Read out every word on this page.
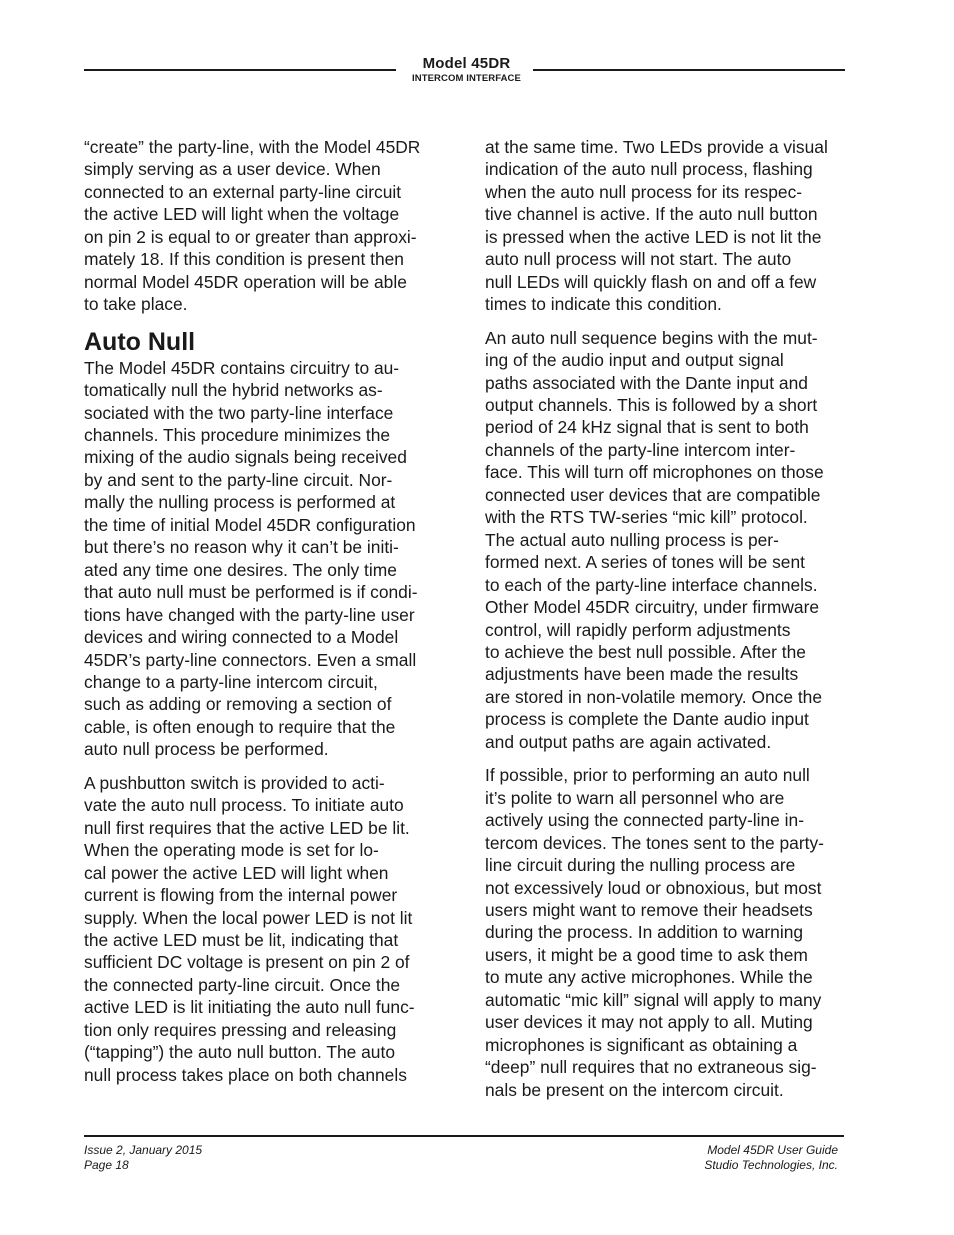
Model 45DR
INTERCOM INTERFACE

“create” the party-line, with the Model 45DR
simply serving as a user device. When
connected to an external party-line circuit
the active LED will light when the voltage
on pin 2 is equal to or greater than approxi-
mately 18. If this condition is present then
normal Model 45DR operation will be able
to take place.

Auto Null

The Model 45DR contains circuitry to au-
tomatically null the hybrid networks as-
sociated with the two party-line interface
channels. This procedure minimizes the
mixing of the audio signals being received
by and sent to the party-line circuit. Nor-
mally the nulling process is performed at
the time of initial Model 45DR configuration
but there’s no reason why it can’t be initi-
ated any time one desires. The only time
that auto null must be performed is if condi-
tions have changed with the party-line user
devices and wiring connected to a Model
45DR’s party-line connectors. Even a small
change to a party-line intercom circuit,
such as adding or removing a section of
cable, is often enough to require that the
auto null process be performed.

A pushbutton switch is provided to acti-
vate the auto null process. To initiate auto
null first requires that the active LED be lit.
When the operating mode is set for lo-
cal power the active LED will light when
current is flowing from the internal power
supply. When the local power LED is not lit
the active LED must be lit, indicating that
sufficient DC voltage is present on pin 2 of
the connected party-line circuit. Once the
active LED is lit initiating the auto null func-
tion only requires pressing and releasing
(“tapping”) the auto null button. The auto
null process takes place on both channels

at the same time. Two LEDs provide a visual
indication of the auto null process, flashing
when the auto null process for its respec-
tive channel is active. If the auto null button
is pressed when the active LED is not lit the
auto null process will not start. The auto
null LEDs will quickly flash on and off a few
times to indicate this condition.

An auto null sequence begins with the mut-
ing of the audio input and output signal
paths associated with the Dante input and
output channels. This is followed by a short
period of 24 kHz signal that is sent to both
channels of the party-line intercom inter-
face. This will turn off microphones on those
connected user devices that are compatible
with the RTS TW-series “mic kill” protocol.
The actual auto nulling process is per-
formed next. A series of tones will be sent
to each of the party-line interface channels.
Other Model 45DR circuitry, under firmware
control, will rapidly perform adjustments
to achieve the best null possible. After the
adjustments have been made the results
are stored in non-volatile memory. Once the
process is complete the Dante audio input
and output paths are again activated.

If possible, prior to performing an auto null
it’s polite to warn all personnel who are
actively using the connected party-line in-
tercom devices. The tones sent to the party-
line circuit during the nulling process are
not excessively loud or obnoxious, but most
users might want to remove their headsets
during the process. In addition to warning
users, it might be a good time to ask them
to mute any active microphones. While the
automatic “mic kill” signal will apply to many
user devices it may not apply to all. Muting
microphones is significant as obtaining a
“deep” null requires that no extraneous sig-
nals be present on the intercom circuit.

Issue 2, January 2015
Page 18
Model 45DR User Guide
Studio Technologies, Inc.
